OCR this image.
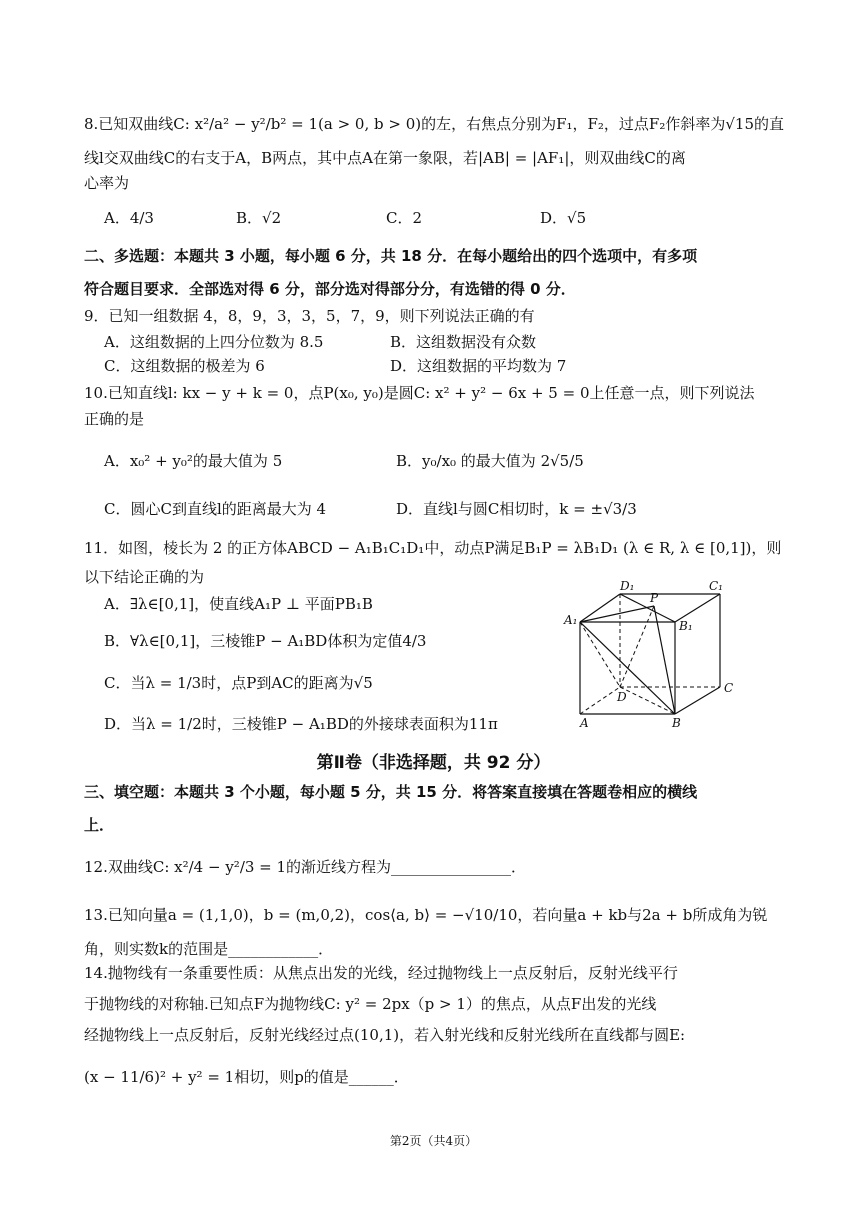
8.已知双曲线C: x²/a² − y²/b² = 1(a > 0, b > 0)的左，右焦点分别为F₁，F₂，过点F₂作斜率为√15的直
线l交双曲线C的右支于A，B两点，其中点A在第一象限，若|AB| = |AF₁|，则双曲线C的离
心率为
A．4/3	B．√2	C．2	D．√5
二、多选题：本题共 3 小题，每小题 6 分，共 18 分．在每小题给出的四个选项中，有多项
符合题目要求．全部选对得 6 分，部分选对得部分分，有选错的得 0 分．
9．已知一组数据 4，8，9，3，3，5，7，9，则下列说法正确的有
A．这组数据的上四分位数为 8.5	B．这组数据没有众数
C．这组数据的极差为 6	D．这组数据的平均数为 7
10.已知直线l: kx − y + k = 0，点P(x₀, y₀)是圆C: x² + y² − 6x + 5 = 0上任意一点，则下列说法
正确的是
A．x₀² + y₀²的最大值为 5	B．y₀/x₀ 的最大值为 2√5/5
C．圆心C到直线l的距离最大为 4	D．直线l与圆C相切时，k = ±√3/3
11．如图，棱长为 2 的正方体ABCD − A₁B₁C₁D₁中，动点P满足B₁P = λB₁D₁ (λ ∈ R, λ ∈ [0,1])，则
以下结论正确的为
A．∃λ∈[0,1]，使直线A₁P ⊥ 平面PB₁B
B．∀λ∈[0,1]，三棱锥P − A₁BD体积为定值4/3
C．当λ = 1/3时，点P到AC的距离为√5
D．当λ = 1/2时，三棱锥P − A₁BD的外接球表面积为11π
D₁	C₁
P
A₁	B₁
D
C
A	B
第Ⅱ卷（非选择题，共 92 分）
三、填空题：本题共 3 个小题，每小题 5 分，共 15 分．将答案直接填在答题卷相应的横线
上．
12.双曲线C: x²/4 − y²/3 = 1的渐近线方程为________________．
13.已知向量a = (1,1,0)，b = (m,0,2)，cos⟨a, b⟩ = −√10/10，若向量a + kb与2a + b所成角为锐
角，则实数k的范围是____________．
14.抛物线有一条重要性质：从焦点出发的光线，经过抛物线上一点反射后，反射光线平行
于抛物线的对称轴.已知点F为抛物线C: y² = 2px（p > 1）的焦点，从点F出发的光线
经抛物线上一点反射后，反射光线经过点(10,1)，若入射光线和反射光线所在直线都与圆E:
(x − 11/6)² + y² = 1相切，则p的值是______．
第2页（共4页）
